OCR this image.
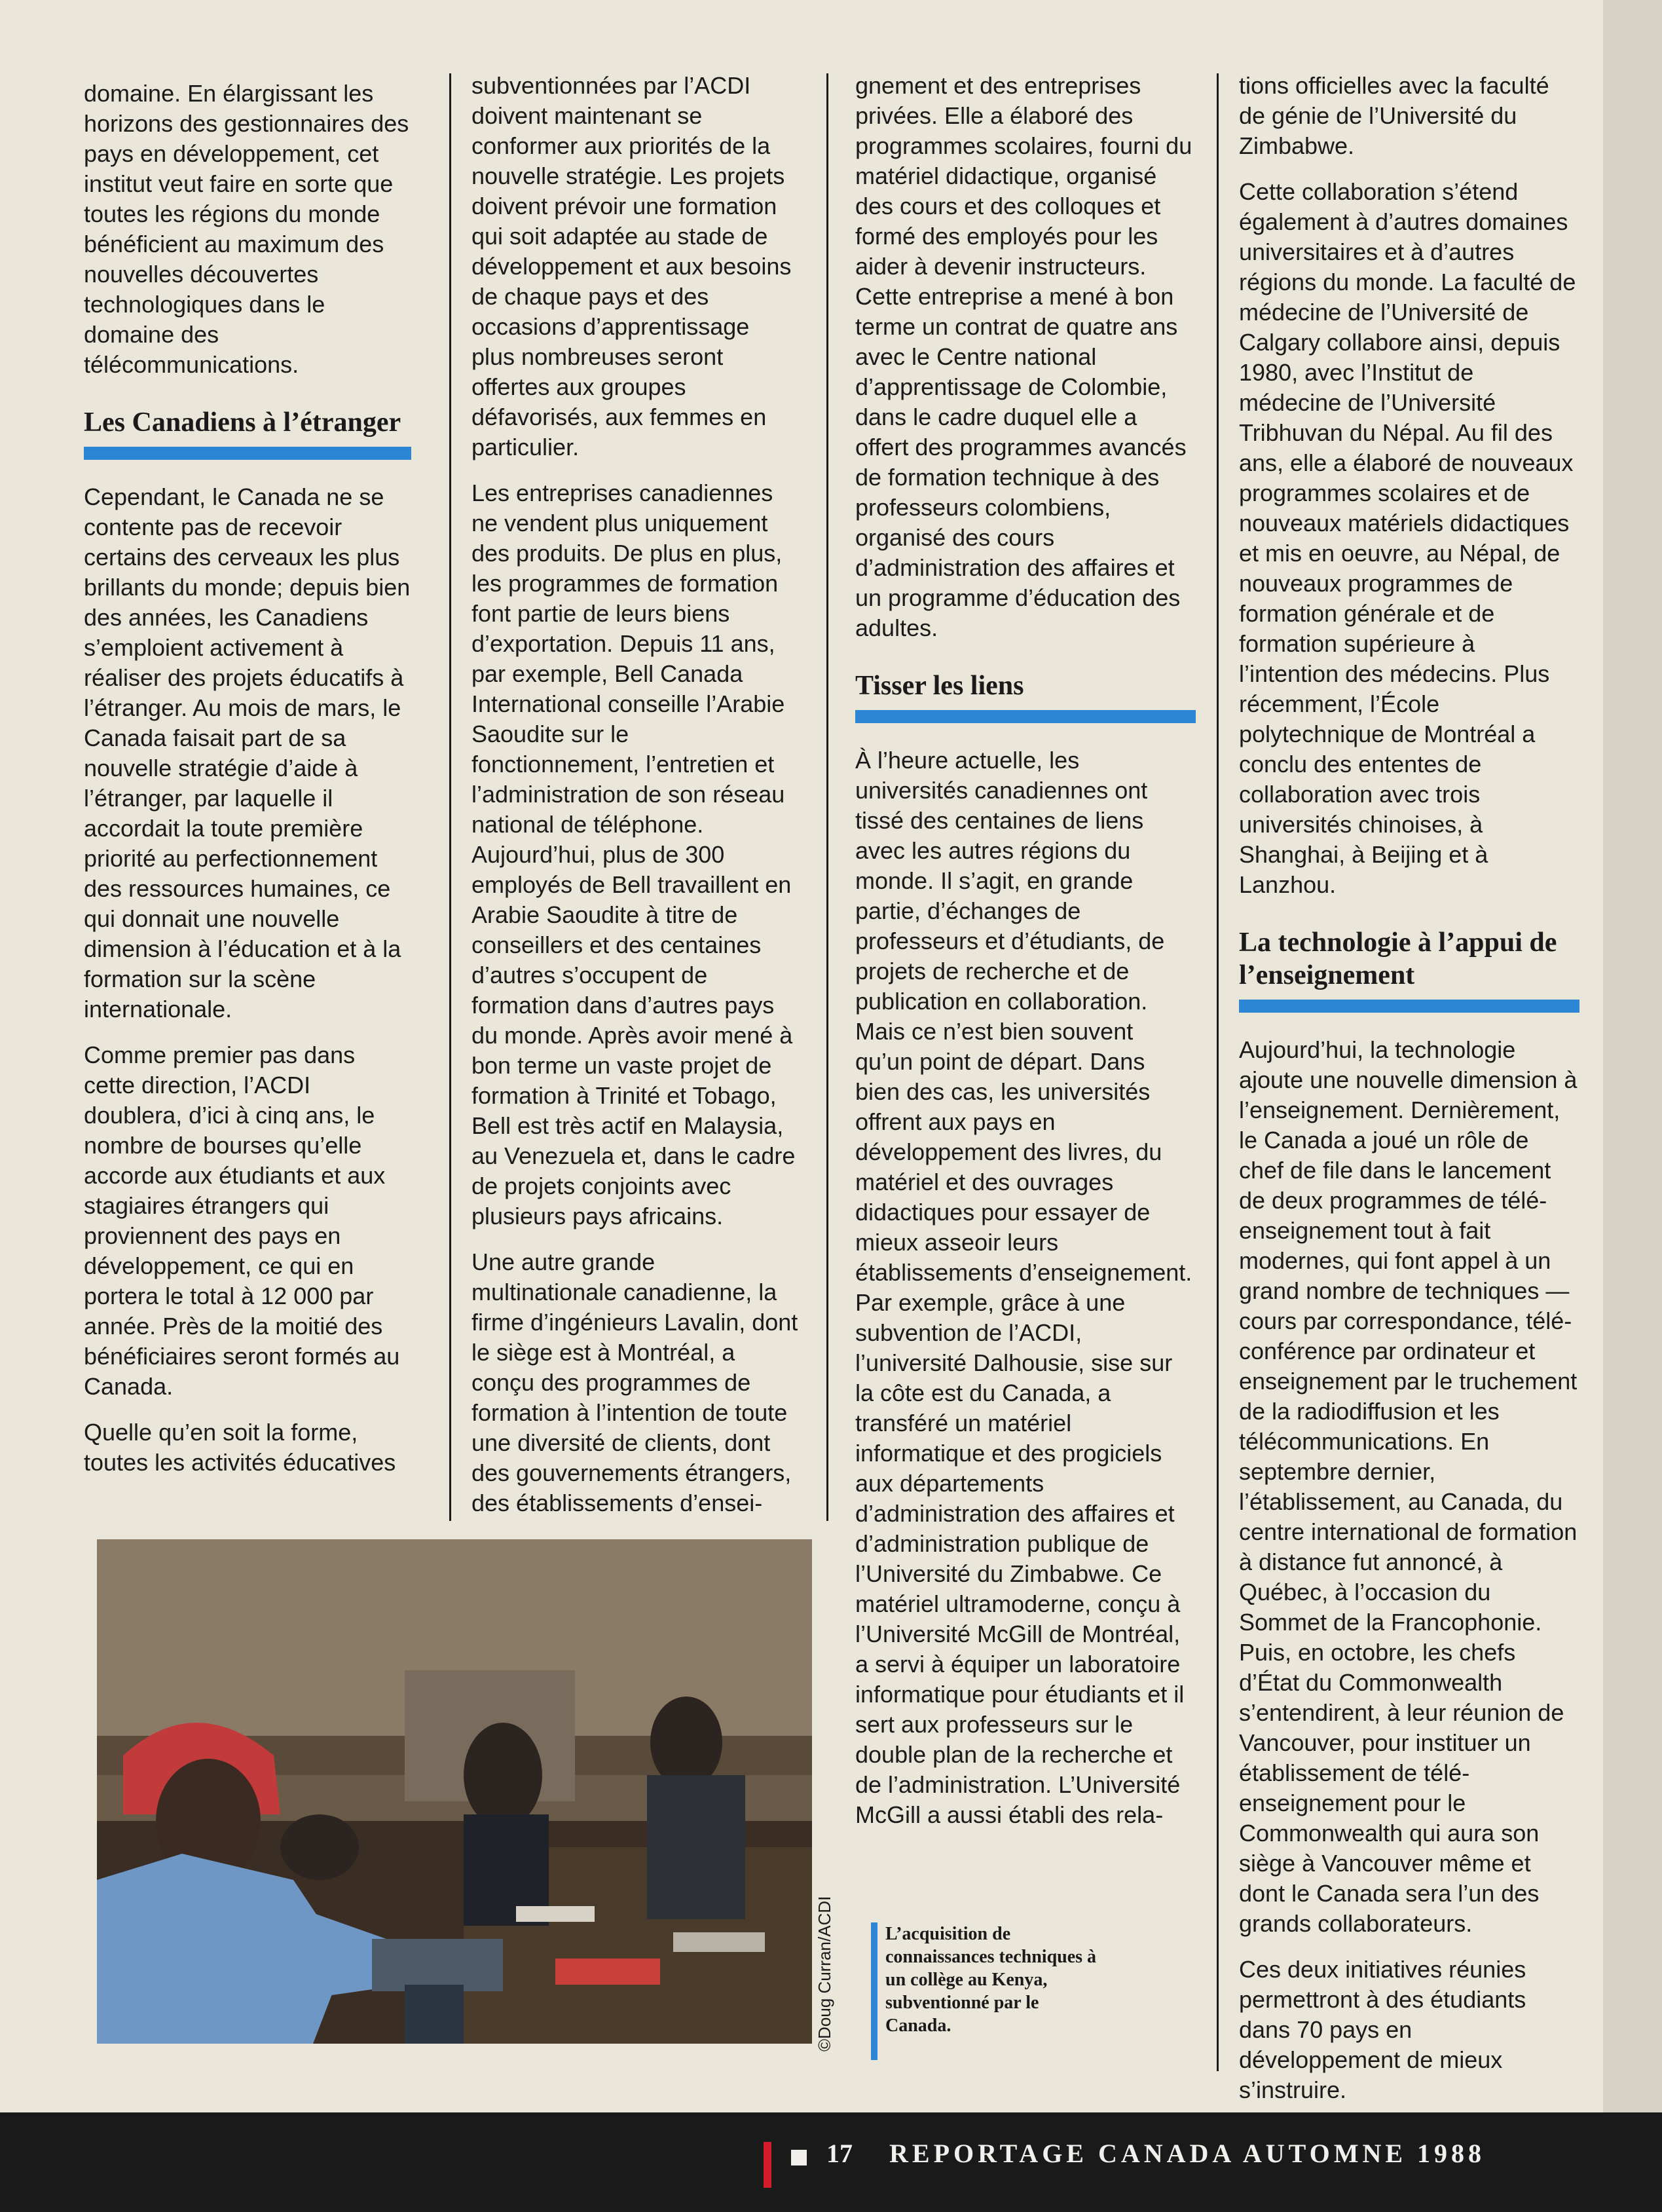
domaine. En élargissant les horizons des gestionnaires des pays en développement, cet institut veut faire en sorte que toutes les régions du monde bénéficient au maximum des nouvelles découvertes technologiques dans le domaine des télécommunications.

Les Canadiens à l’étranger

Cependant, le Canada ne se contente pas de recevoir certains des cerveaux les plus brillants du monde; depuis bien des années, les Canadiens s’emploient activement à réaliser des projets éducatifs à l’étranger. Au mois de mars, le Canada faisait part de sa nouvelle stratégie d’aide à l’étranger, par laquelle il accordait la toute première priorité au perfectionnement des ressources humaines, ce qui donnait une nouvelle dimension à l’éducation et à la formation sur la scène internationale.

Comme premier pas dans cette direction, l’ACDI doublera, d’ici à cinq ans, le nombre de bourses qu’elle accorde aux étudiants et aux stagiaires étrangers qui proviennent des pays en développement, ce qui en portera le total à 12 000 par année. Près de la moitié des bénéficiaires seront formés au Canada.

Quelle qu’en soit la forme, toutes les activités éducatives

subventionnées par l’ACDI doivent maintenant se conformer aux priorités de la nouvelle stratégie. Les projets doivent prévoir une formation qui soit adaptée au stade de développement et aux besoins de chaque pays et des occasions d’apprentissage plus nombreuses seront offertes aux groupes défavorisés, aux femmes en particulier.

Les entreprises canadiennes ne vendent plus uniquement des produits. De plus en plus, les programmes de formation font partie de leurs biens d’exportation. Depuis 11 ans, par exemple, Bell Canada International conseille l’Arabie Saoudite sur le fonctionnement, l’entretien et l’administration de son réseau national de téléphone. Aujourd’hui, plus de 300 employés de Bell travaillent en Arabie Saoudite à titre de conseillers et des centaines d’autres s’occupent de formation dans d’autres pays du monde. Après avoir mené à bon terme un vaste projet de formation à Trinité et Tobago, Bell est très actif en Malaysia, au Venezuela et, dans le cadre de projets conjoints avec plusieurs pays africains.

Une autre grande multinationale canadienne, la firme d’ingénieurs Lavalin, dont le siège est à Montréal, a conçu des programmes de formation à l’intention de toute une diversité de clients, dont des gouvernements étrangers, des établissements d’ensei-

gnement et des entreprises privées. Elle a élaboré des programmes scolaires, fourni du matériel didactique, organisé des cours et des colloques et formé des employés pour les aider à devenir instructeurs. Cette entreprise a mené à bon terme un contrat de quatre ans avec le Centre national d’apprentissage de Colombie, dans le cadre duquel elle a offert des programmes avancés de formation technique à des professeurs colombiens, organisé des cours d’administration des affaires et un programme d’éducation des adultes.

Tisser les liens

À l’heure actuelle, les universités canadiennes ont tissé des centaines de liens avec les autres régions du monde. Il s’agit, en grande partie, d’échanges de professeurs et d’étudiants, de projets de recherche et de publication en collaboration. Mais ce n’est bien souvent qu’un point de départ. Dans bien des cas, les universités offrent aux pays en développement des livres, du matériel et des ouvrages didactiques pour essayer de mieux asseoir leurs établissements d’enseignement. Par exemple, grâce à une subvention de l’ACDI, l’université Dalhousie, sise sur la côte est du Canada, a transféré un matériel informatique et des progiciels aux départements d’administration des affaires et d’administration publique de l’Université du Zimbabwe. Ce matériel ultramoderne, conçu à l’Université McGill de Montréal, a servi à équiper un laboratoire informatique pour étudiants et il sert aux professeurs sur le double plan de la recherche et de l’administration. L’Université McGill a aussi établi des rela-

tions officielles avec la faculté de génie de l’Université du Zimbabwe.

Cette collaboration s’étend également à d’autres domaines universitaires et à d’autres régions du monde. La faculté de médecine de l’Université de Calgary collabore ainsi, depuis 1980, avec l’Institut de médecine de l’Université Tribhuvan du Népal. Au fil des ans, elle a élaboré de nouveaux programmes scolaires et de nouveaux matériels didactiques et mis en oeuvre, au Népal, de nouveaux programmes de formation générale et de formation supérieure à l’intention des médecins. Plus récemment, l’École polytechnique de Montréal a conclu des ententes de collaboration avec trois universités chinoises, à Shanghai, à Beijing et à Lanzhou.

La technologie à l’appui de l’enseignement

Aujourd’hui, la technologie ajoute une nouvelle dimension à l’enseignement. Dernièrement, le Canada a joué un rôle de chef de file dans le lancement de deux programmes de télé-enseignement tout à fait modernes, qui font appel à un grand nombre de techniques — cours par correspondance, télé-conférence par ordinateur et enseignement par le truchement de la radiodiffusion et les télécommunications. En septembre dernier, l’établissement, au Canada, du centre international de formation à distance fut annoncé, à Québec, à l’occasion du Sommet de la Francophonie. Puis, en octobre, les chefs d’État du Commonwealth s’entendirent, à leur réunion de Vancouver, pour instituer un établissement de télé-enseignement pour le Commonwealth qui aura son siège à Vancouver même et dont le Canada sera l’un des grands collaborateurs.

Ces deux initiatives réunies permettront à des étudiants dans 70 pays en développement de mieux s’instruire.

©Doug Curran/ACDI	L’acquisition de connaissances techniques à un collège au Kenya, subventionné par le Canada.
17 REPORTAGE CANADA AUTOMNE 1988
